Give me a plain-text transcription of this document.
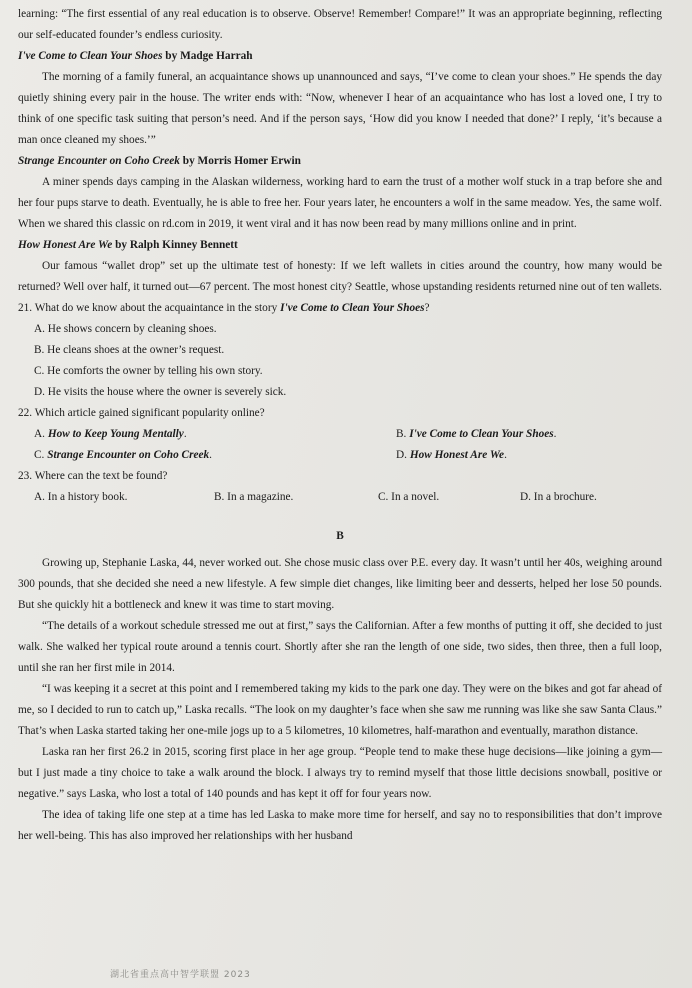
learning: “The first essential of any real education is to observe. Observe! Remember! Compare!” It was an appropriate beginning, reflecting our self-educated founder’s endless curiosity.

I've Come to Clean Your Shoes by Madge Harrah

The morning of a family funeral, an acquaintance shows up unannounced and says, “I’ve come to clean your shoes.” He spends the day quietly shining every pair in the house. The writer ends with: “Now, whenever I hear of an acquaintance who has lost a loved one, I try to think of one specific task suiting that person’s need. And if the person says, ‘How did you know I needed that done?’ I reply, ‘it’s because a man once cleaned my shoes.’”

Strange Encounter on Coho Creek by Morris Homer Erwin

A miner spends days camping in the Alaskan wilderness, working hard to earn the trust of a mother wolf stuck in a trap before she and her four pups starve to death. Eventually, he is able to free her. Four years later, he encounters a wolf in the same meadow. Yes, the same wolf. When we shared this classic on rd.com in 2019, it went viral and it has now been read by many millions online and in print.

How Honest Are We by Ralph Kinney Bennett

Our famous “wallet drop” set up the ultimate test of honesty: If we left wallets in cities around the country, how many would be returned? Well over half, it turned out—67 percent. The most honest city? Seattle, whose upstanding residents returned nine out of ten wallets.

21. What do we know about the acquaintance in the story I've Come to Clean Your Shoes?

A. He shows concern by cleaning shoes.

B. He cleans shoes at the owner’s request.

C. He comforts the owner by telling his own story.

D. He visits the house where the owner is severely sick.

22. Which article gained significant popularity online?

A. How to Keep Young Mentally.	B. I've Come to Clean Your Shoes.
C. Strange Encounter on Coho Creek.	D. How Honest Are We.

23. Where can the text be found?

A. In a history book.	B. In a magazine.	C. In a novel.	D. In a brochure.

B

Growing up, Stephanie Laska, 44, never worked out. She chose music class over P.E. every day. It wasn’t until her 40s, weighing around 300 pounds, that she decided she need a new lifestyle. A few simple diet changes, like limiting beer and desserts, helped her lose 50 pounds. But she quickly hit a bottleneck and knew it was time to start moving.

“The details of a workout schedule stressed me out at first,” says the Californian. After a few months of putting it off, she decided to just walk. She walked her typical route around a tennis court. Shortly after she ran the length of one side, two sides, then three, then a full loop, until she ran her first mile in 2014.

“I was keeping it a secret at this point and I remembered taking my kids to the park one day. They were on the bikes and got far ahead of me, so I decided to run to catch up,” Laska recalls. “The look on my daughter’s face when she saw me running was like she saw Santa Claus.” That’s when Laska started taking her one-mile jogs up to a 5 kilometres, 10 kilometres, half-marathon and eventually, marathon distance.

Laska ran her first 26.2 in 2015, scoring first place in her age group. “People tend to make these huge decisions—like joining a gym—but I just made a tiny choice to take a walk around the block. I always try to remind myself that those little decisions snowball, positive or negative.” says Laska, who lost a total of 140 pounds and has kept it off for four years now.

The idea of taking life one step at a time has led Laska to make more time for herself, and say no to responsibilities that don’t improve her well-being. This has also improved her relationships with her husband

湖北省重点高中智学联盟 2023
